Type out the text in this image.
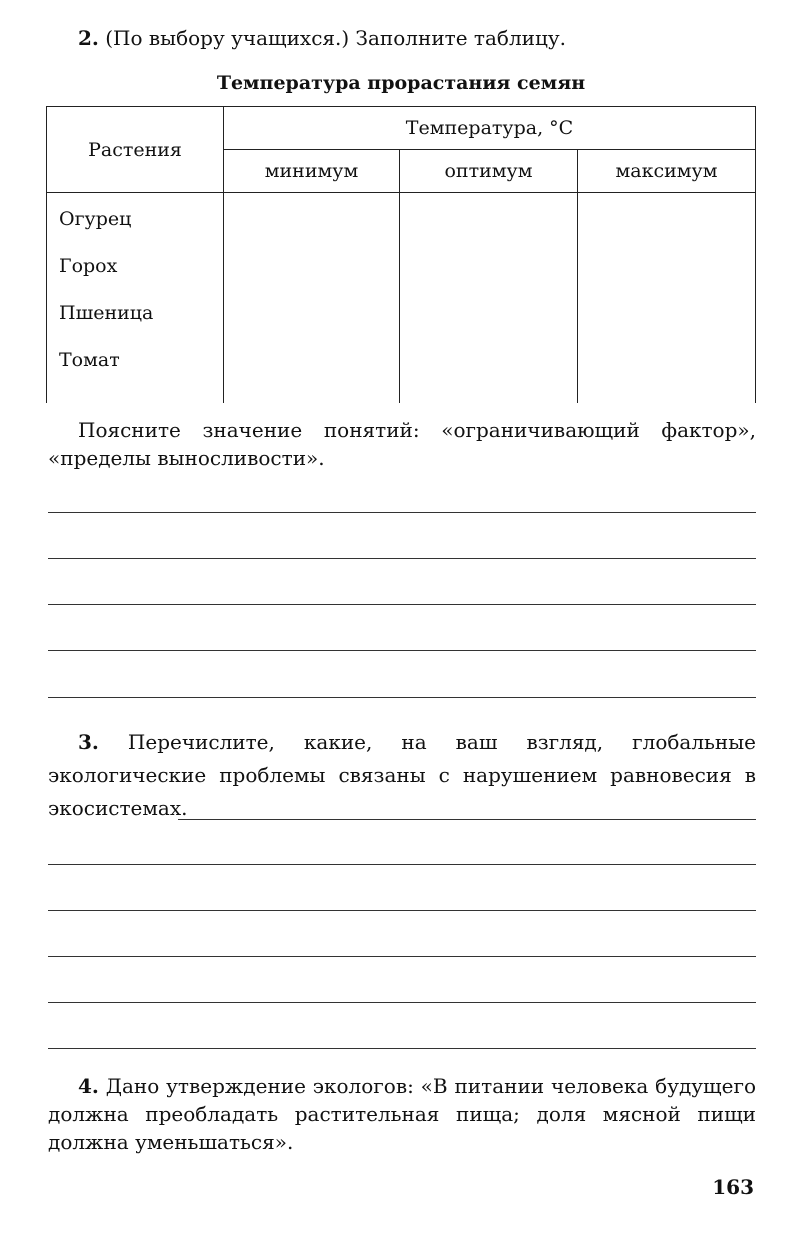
2. (По выбору учащихся.) Заполните таблицу.
Температура прорастания семян
Растения	Температура, °С		
	минимум	оптимум	максимум

Огурец
Горох
Пшеница
Томат			

Поясните значение понятий: «ограничивающий фактор», «пределы выносливости».
3. Перечислите, какие, на ваш взгляд, глобальные экологические проблемы связаны с нарушением равновесия в экосистемах.
4. Дано утверждение экологов: «В питании человека будущего должна преобладать растительная пища; доля мясной пищи должна уменьшаться».
163
